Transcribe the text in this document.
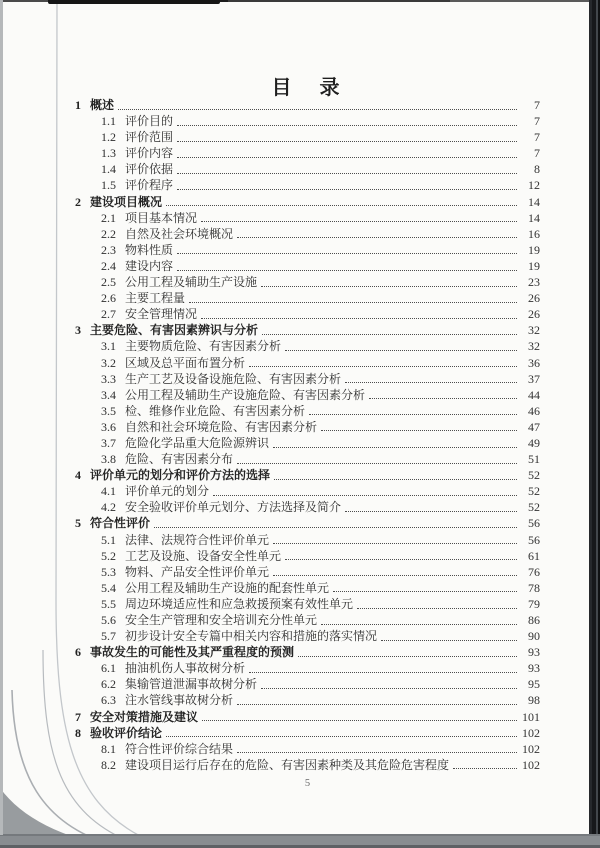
目　录
1 概述	7
1.1 评价目的	7
1.2 评价范围	7
1.3 评价内容	7
1.4 评价依据	8
1.5 评价程序	12
2 建设项目概况	14
2.1 项目基本情况	14
2.2 自然及社会环境概况	16
2.3 物料性质	19
2.4 建设内容	19
2.5 公用工程及辅助生产设施	23
2.6 主要工程量	26
2.7 安全管理情况	26
3 主要危险、有害因素辨识与分析	32
3.1 主要物质危险、有害因素分析	32
3.2 区域及总平面布置分析	36
3.3 生产工艺及设备设施危险、有害因素分析	37
3.4 公用工程及辅助生产设施危险、有害因素分析	44
3.5 检、维修作业危险、有害因素分析	46
3.6 自然和社会环境危险、有害因素分析	47
3.7 危险化学品重大危险源辨识	49
3.8 危险、有害因素分布	51
4 评价单元的划分和评价方法的选择	52
4.1 评价单元的划分	52
4.2 安全验收评价单元划分、方法选择及简介	52
5 符合性评价	56
5.1 法律、法规符合性评价单元	56
5.2 工艺及设施、设备安全性单元	61
5.3 物料、产品安全性评价单元	76
5.4 公用工程及辅助生产设施的配套性单元	78
5.5 周边环境适应性和应急救援预案有效性单元	79
5.6 安全生产管理和安全培训充分性单元	86
5.7 初步设计安全专篇中相关内容和措施的落实情况	90
6 事故发生的可能性及其严重程度的预测	93
6.1 抽油机伤人事故树分析	93
6.2 集输管道泄漏事故树分析	95
6.3 注水管线事故树分析	98
7 安全对策措施及建议	101
8 验收评价结论	102
8.1 符合性评价综合结果	102
8.2 建设项目运行后存在的危险、有害因素种类及其危险危害程度	102
5
